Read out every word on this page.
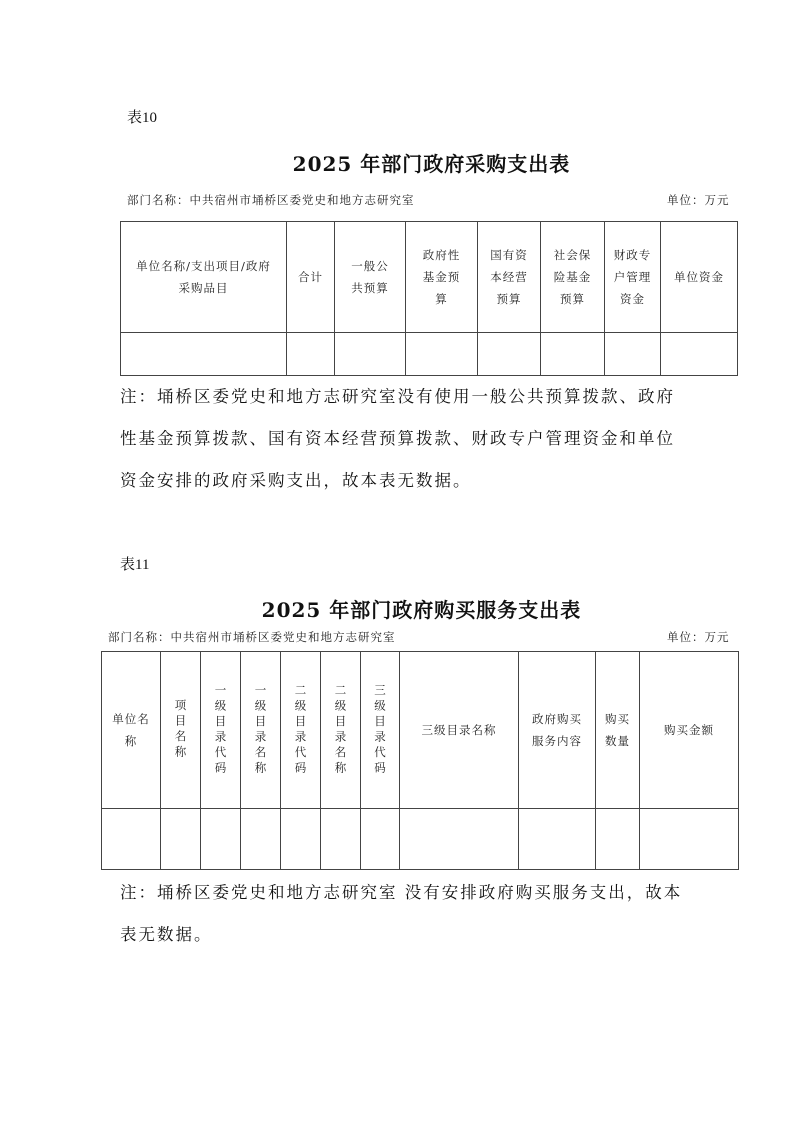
表10
2025 年部门政府采购支出表
部门名称：中共宿州市埇桥区委党史和地方志研究室	单位：万元
单位名称/支出项目/政府采购品目	合计	一般公共预算	政府性基金预算	国有资本经营预算	社会保险基金预算	财政专户管理资金	单位资金

注：埇桥区委党史和地方志研究室没有使用一般公共预算拨款、政府
性基金预算拨款、国有资本经营预算拨款、财政专户管理资金和单位
资金安排的政府采购支出，故本表无数据。
表11
2025 年部门政府购买服务支出表
部门名称：中共宿州市埇桥区委党史和地方志研究室	单位：万元
单位名称	项目名称	一级目录代码	一级目录名称	二级目录代码	二级目录名称	三级目录代码	三级目录名称	政府购买服务内容	购买数量	购买金额

注：埇桥区委党史和地方志研究室 没有安排政府购买服务支出，故本
表无数据。
